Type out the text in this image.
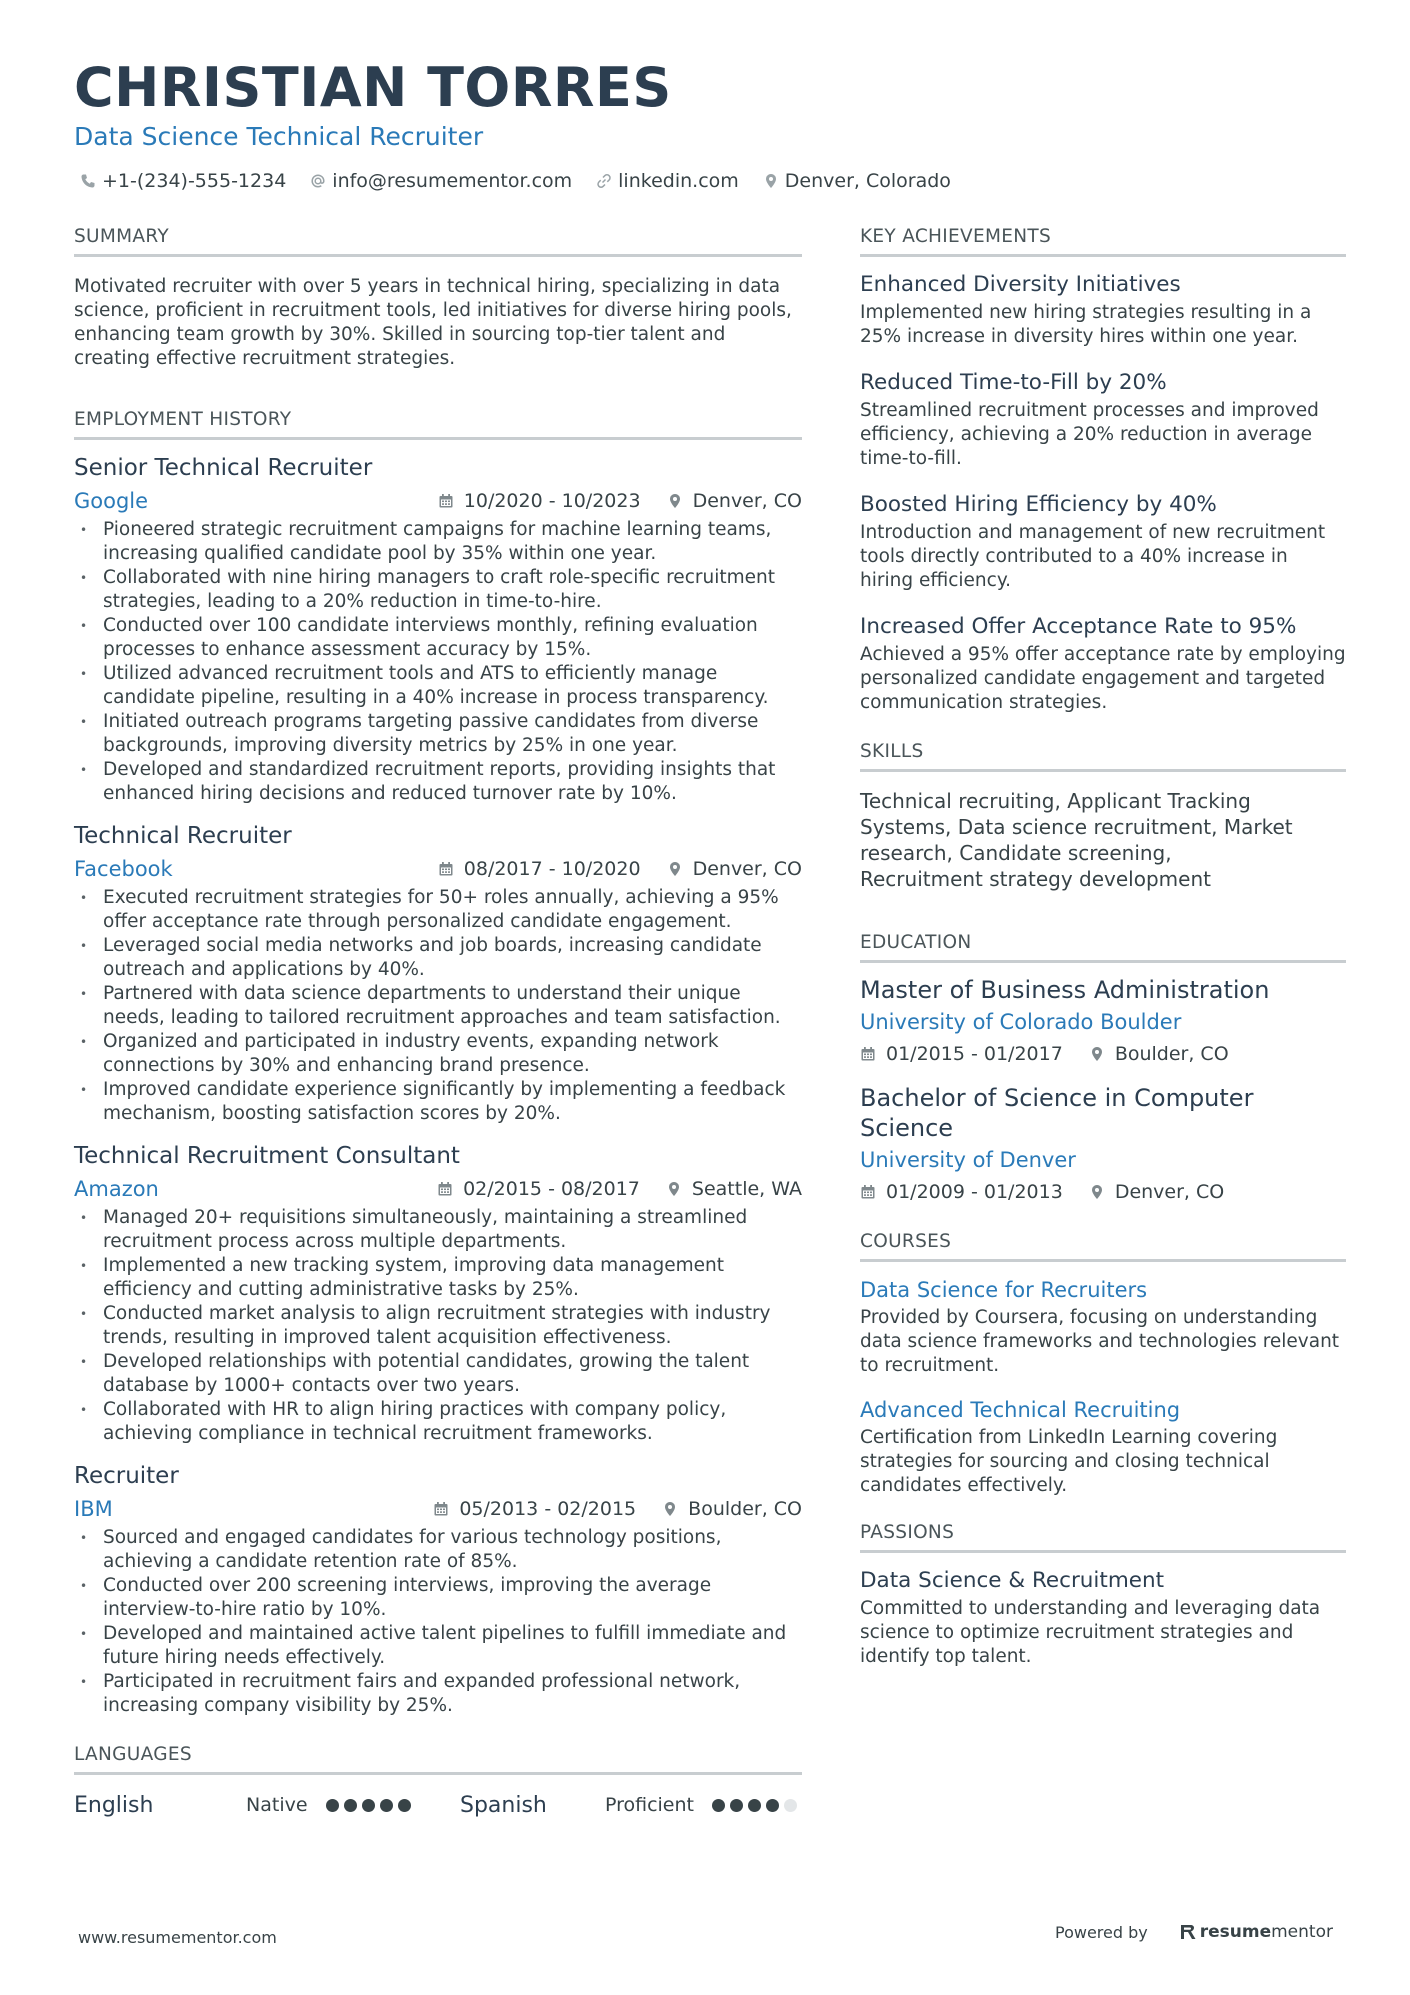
CHRISTIAN TORRES
Data Science Technical Recruiter
+1-(234)-555-1234 info@resumementor.com linkedin.com Denver, Colorado
SUMMARY
Motivated recruiter with over 5 years in technical hiring, specializing in data science, proficient in recruitment tools, led initiatives for diverse hiring pools, enhancing team growth by 30%. Skilled in sourcing top-tier talent and creating effective recruitment strategies.
EMPLOYMENT HISTORY
Senior Technical Recruiter
Google	10/2020 - 10/2023	Denver, CO
• Pioneered strategic recruitment campaigns for machine learning teams, increasing qualified candidate pool by 35% within one year.
• Collaborated with nine hiring managers to craft role-specific recruitment strategies, leading to a 20% reduction in time-to-hire.
• Conducted over 100 candidate interviews monthly, refining evaluation processes to enhance assessment accuracy by 15%.
• Utilized advanced recruitment tools and ATS to efficiently manage candidate pipeline, resulting in a 40% increase in process transparency.
• Initiated outreach programs targeting passive candidates from diverse backgrounds, improving diversity metrics by 25% in one year.
• Developed and standardized recruitment reports, providing insights that enhanced hiring decisions and reduced turnover rate by 10%.
Technical Recruiter
Facebook	08/2017 - 10/2020	Denver, CO
• Executed recruitment strategies for 50+ roles annually, achieving a 95% offer acceptance rate through personalized candidate engagement.
• Leveraged social media networks and job boards, increasing candidate outreach and applications by 40%.
• Partnered with data science departments to understand their unique needs, leading to tailored recruitment approaches and team satisfaction.
• Organized and participated in industry events, expanding network connections by 30% and enhancing brand presence.
• Improved candidate experience significantly by implementing a feedback mechanism, boosting satisfaction scores by 20%.
Technical Recruitment Consultant
Amazon	02/2015 - 08/2017	Seattle, WA
• Managed 20+ requisitions simultaneously, maintaining a streamlined recruitment process across multiple departments.
• Implemented a new tracking system, improving data management efficiency and cutting administrative tasks by 25%.
• Conducted market analysis to align recruitment strategies with industry trends, resulting in improved talent acquisition effectiveness.
• Developed relationships with potential candidates, growing the talent database by 1000+ contacts over two years.
• Collaborated with HR to align hiring practices with company policy, achieving compliance in technical recruitment frameworks.
Recruiter
IBM	05/2013 - 02/2015	Boulder, CO
• Sourced and engaged candidates for various technology positions, achieving a candidate retention rate of 85%.
• Conducted over 200 screening interviews, improving the average interview-to-hire ratio by 10%.
• Developed and maintained active talent pipelines to fulfill immediate and future hiring needs effectively.
• Participated in recruitment fairs and expanded professional network, increasing company visibility by 25%.
LANGUAGES
English	Native	Spanish	Proficient
KEY ACHIEVEMENTS
Enhanced Diversity Initiatives
Implemented new hiring strategies resulting in a 25% increase in diversity hires within one year.
Reduced Time-to-Fill by 20%
Streamlined recruitment processes and improved efficiency, achieving a 20% reduction in average time-to-fill.
Boosted Hiring Efficiency by 40%
Introduction and management of new recruitment tools directly contributed to a 40% increase in hiring efficiency.
Increased Offer Acceptance Rate to 95%
Achieved a 95% offer acceptance rate by employing personalized candidate engagement and targeted communication strategies.
SKILLS
Technical recruiting, Applicant Tracking Systems, Data science recruitment, Market research, Candidate screening, Recruitment strategy development
EDUCATION
Master of Business Administration
University of Colorado Boulder
01/2015 - 01/2017	Boulder, CO
Bachelor of Science in Computer Science
University of Denver
01/2009 - 01/2013	Denver, CO
COURSES
Data Science for Recruiters
Provided by Coursera, focusing on understanding data science frameworks and technologies relevant to recruitment.
Advanced Technical Recruiting
Certification from LinkedIn Learning covering strategies for sourcing and closing technical candidates effectively.
PASSIONS
Data Science & Recruitment
Committed to understanding and leveraging data science to optimize recruitment strategies and identify top talent.
www.resumementor.com	Powered by	resume mentor
